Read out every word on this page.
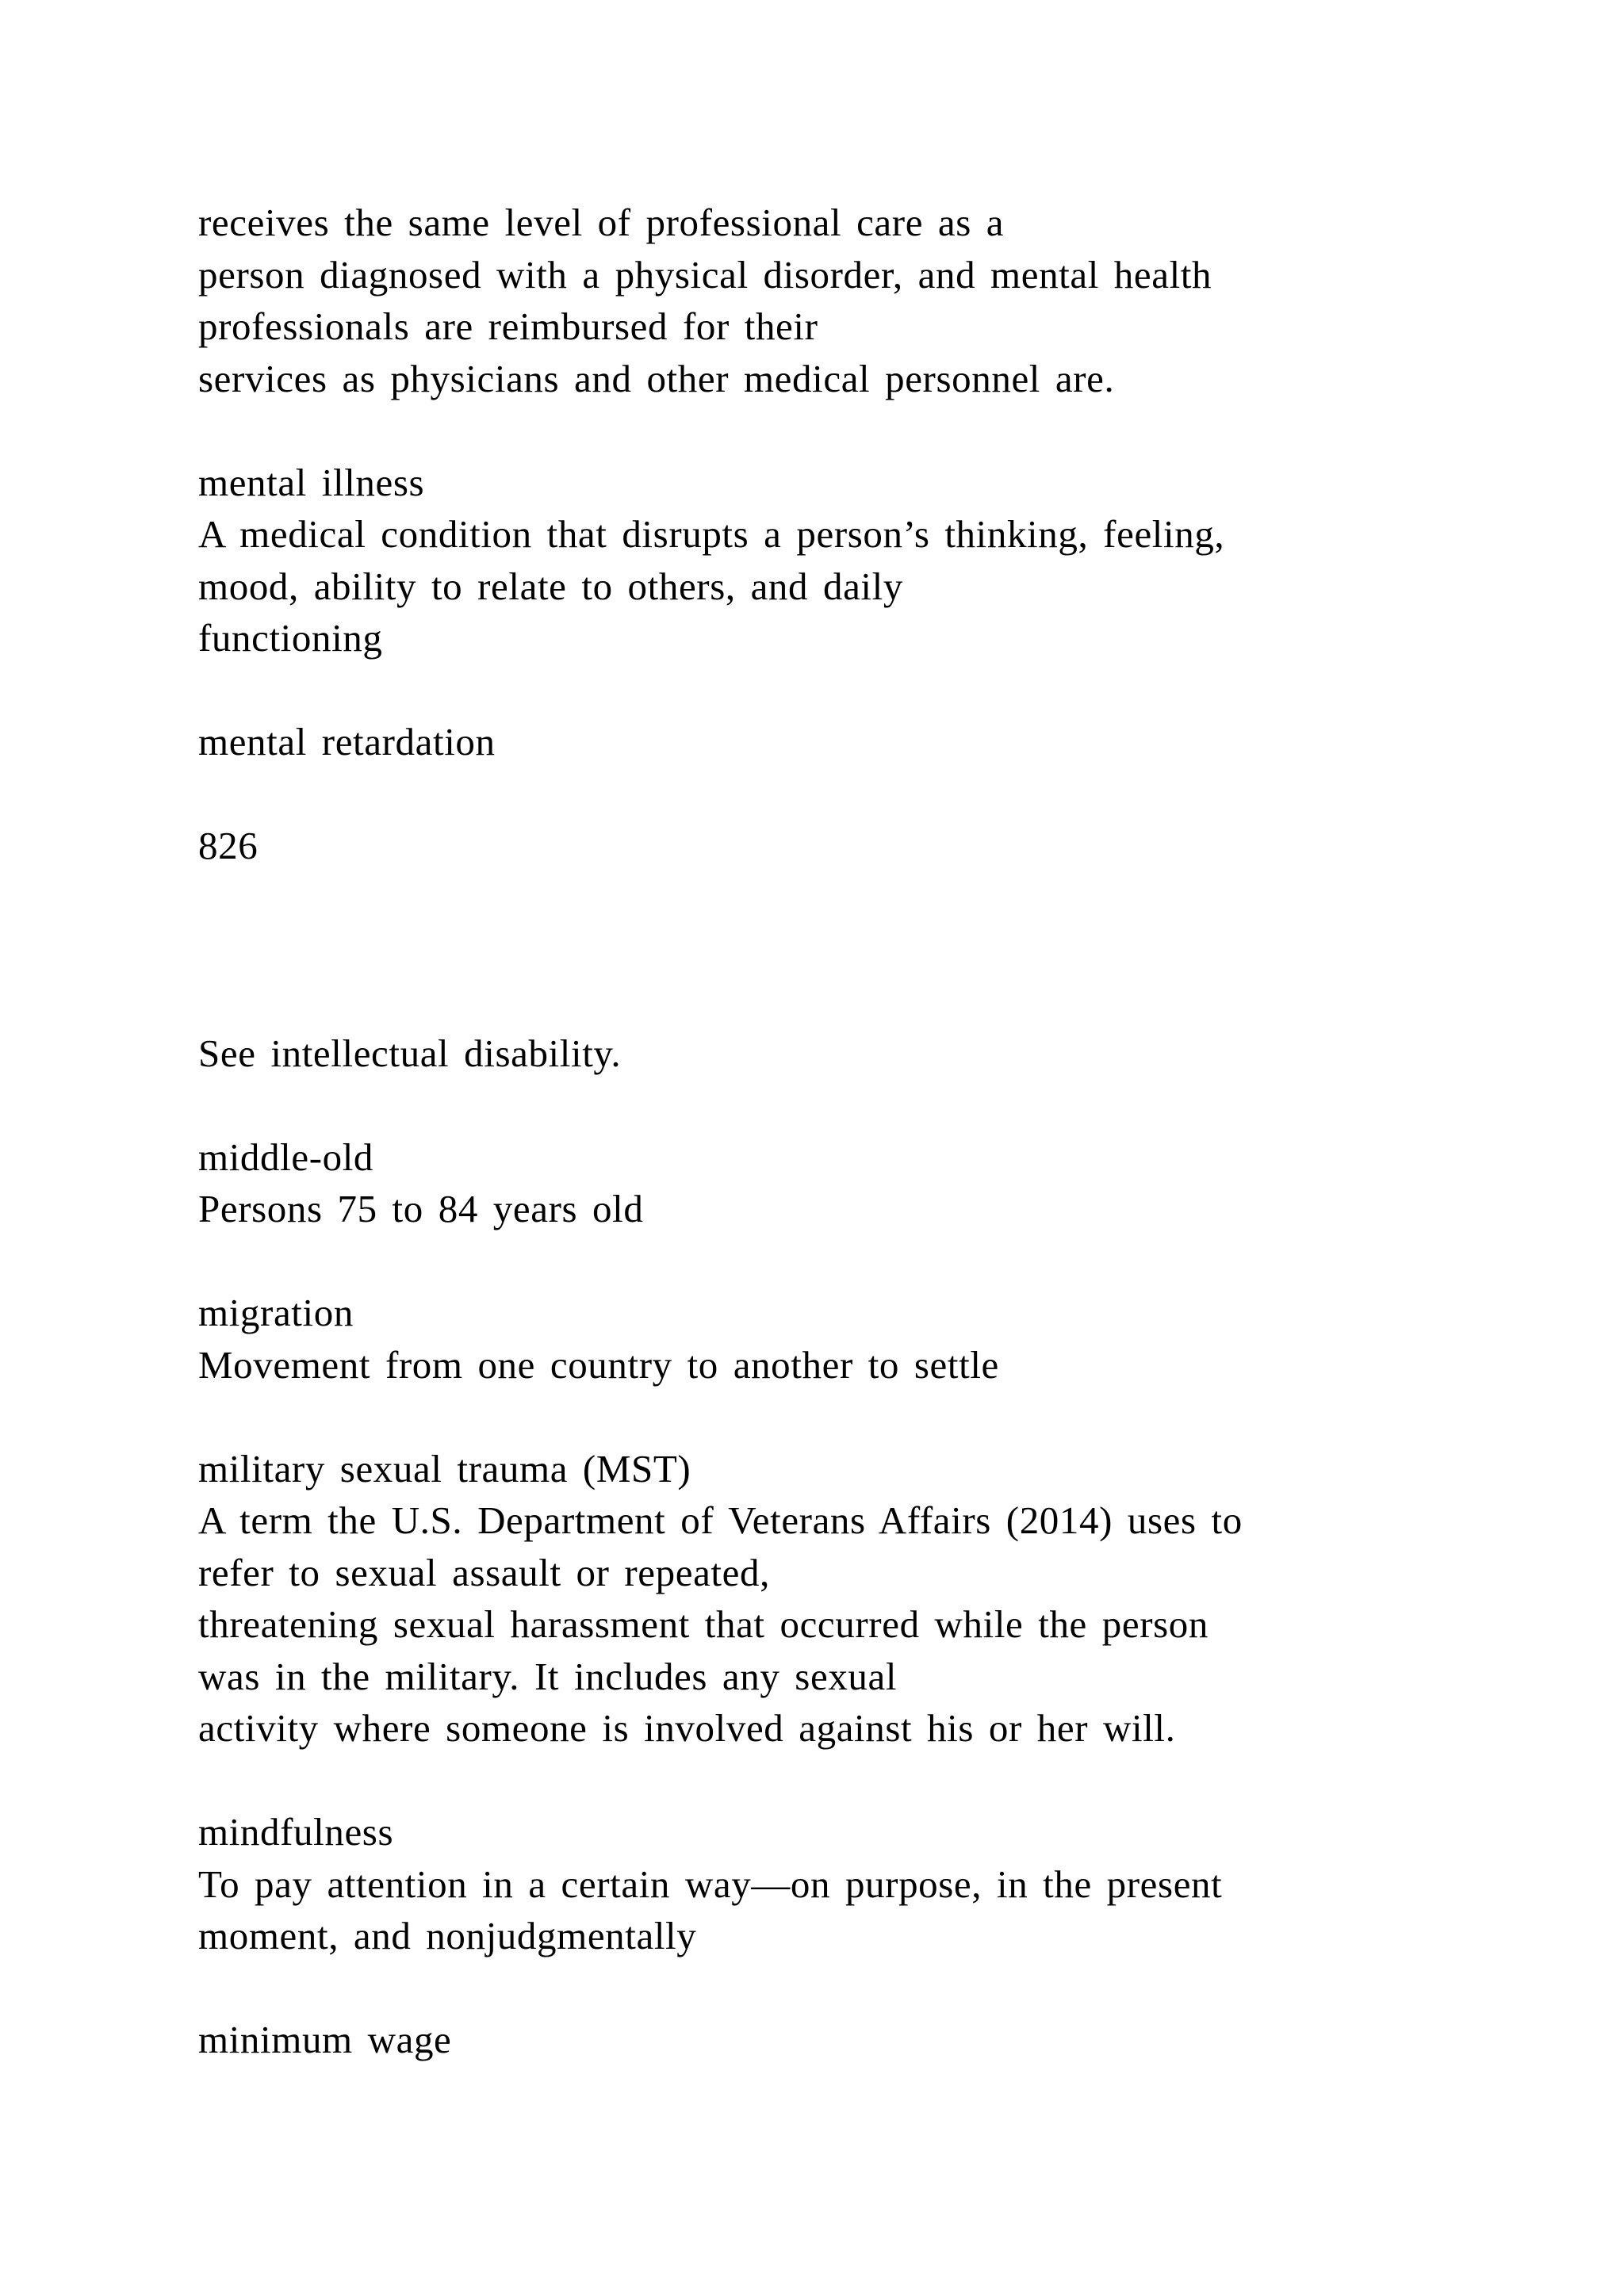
receives the same level of professional care as a
person diagnosed with a physical disorder, and mental health
professionals are reimbursed for their
services as physicians and other medical personnel are.
mental illness
A medical condition that disrupts a person’s thinking, feeling,
mood, ability to relate to others, and daily
functioning
mental retardation
826
See intellectual disability.
middle-old
Persons 75 to 84 years old
migration
Movement from one country to another to settle
military sexual trauma (MST)
A term the U.S. Department of Veterans Affairs (2014) uses to
refer to sexual assault or repeated,
threatening sexual harassment that occurred while the person
was in the military. It includes any sexual
activity where someone is involved against his or her will.
mindfulness
To pay attention in a certain way—on purpose, in the present
moment, and nonjudgmentally
minimum wage
